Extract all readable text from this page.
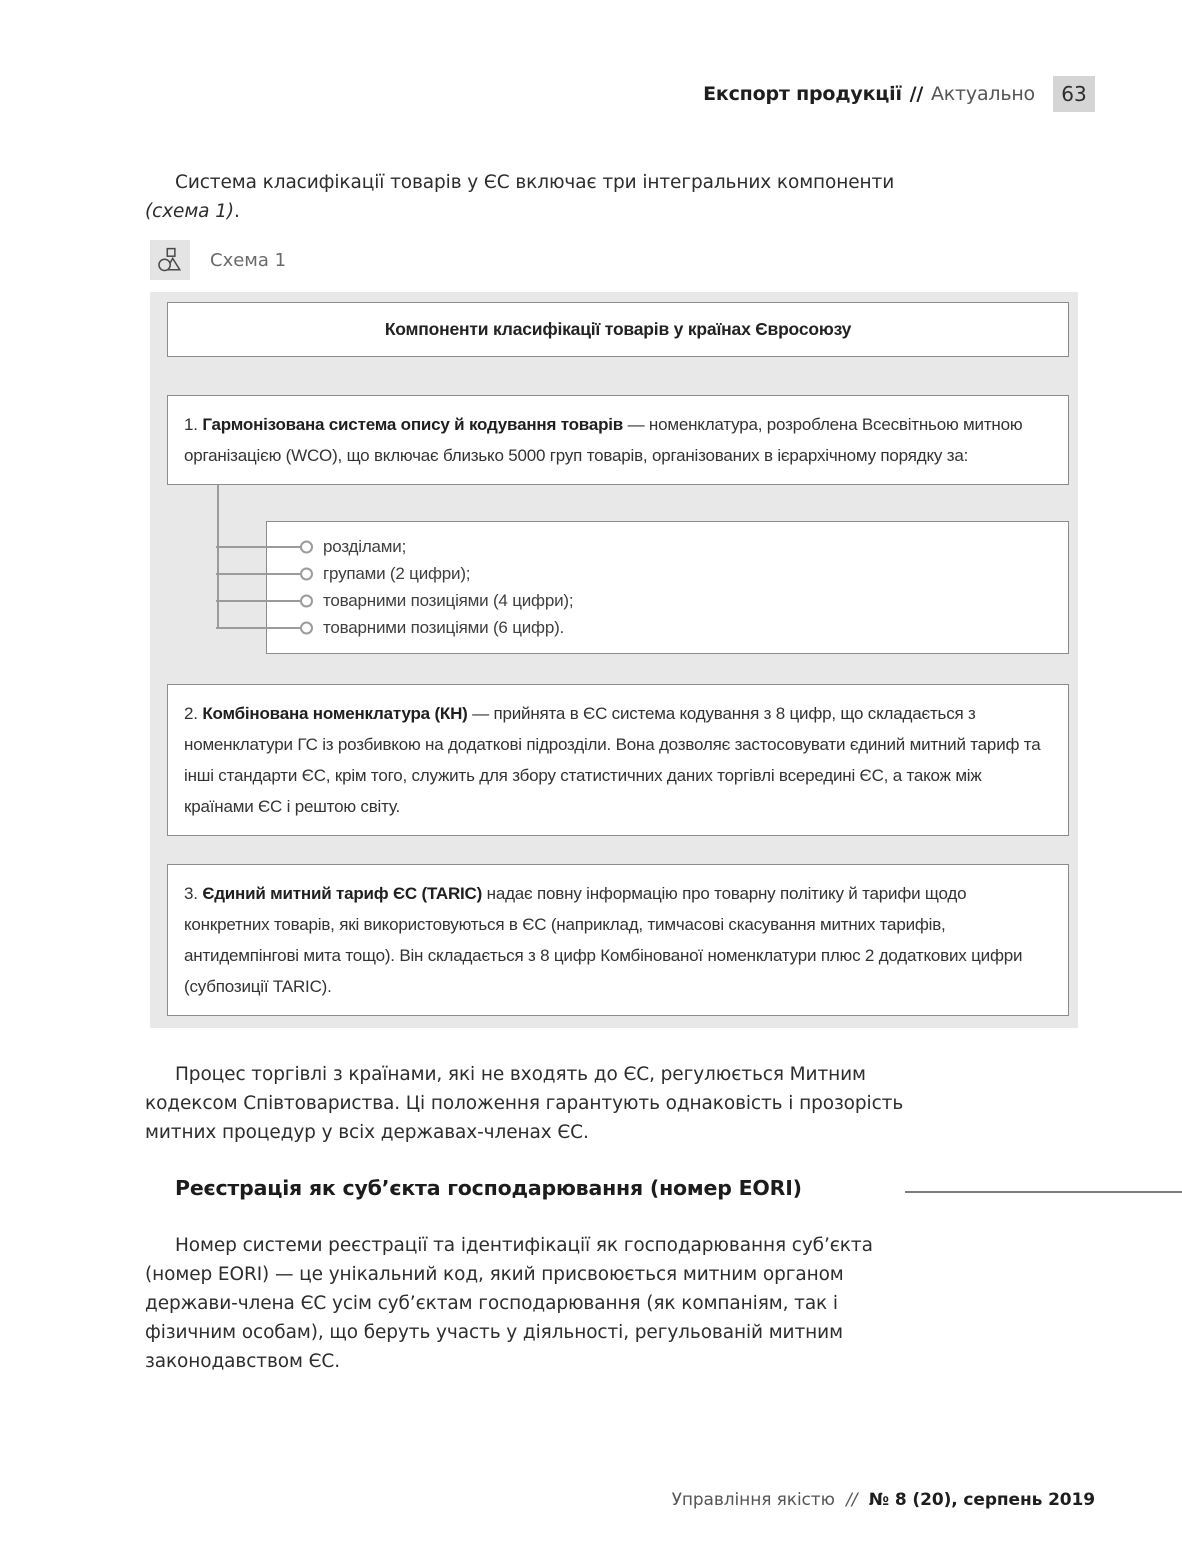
Експорт продукції // Актуально 63

Система класифікації товарів у ЄС включає три інтегральних компоненти (схема 1).

Схема 1
Компоненти класифікації товарів у країнах Євросоюзу
1. Гармонізована система опису й кодування товарів — номенклатура, розроблена Всесвітньою митною організацією (WCO), що включає близько 5000 груп товарів, організованих в ієрархічному порядку за:
розділами;
групами (2 цифри);
товарними позиціями (4 цифри);
товарними позиціями (6 цифр).
2. Комбінована номенклатура (КН) — прийнята в ЄС система кодування з 8 цифр, що складається з номенклатури ГС із розбивкою на додаткові підрозділи. Вона дозволяє застосовувати єдиний митний тариф та інші стандарти ЄС, крім того, служить для збору статистичних даних торгівлі всередині ЄС, а також між країнами ЄС і рештою світу.
3. Єдиний митний тариф ЄС (TARIC) надає повну інформацію про товарну політику й тарифи щодо конкретних товарів, які використовуються в ЄС (наприклад, тимчасові скасування митних тарифів, антидемпінгові мита тощо). Він складається з 8 цифр Комбінованої номенклатури плюс 2 додаткових цифри (субпозиції TARIC).

Процес торгівлі з країнами, які не входять до ЄС, регулюється Митним кодексом Співтовариства. Ці положення гарантують однаковість і прозорість митних процедур у всіх державах-членах ЄС.

Реєстрація як суб’єкта господарювання (номер EORI)

Номер системи реєстрації та ідентифікації як господарювання суб’єкта (номер EORI) — це унікальний код, який присвоюється митним органом держави-члена ЄС усім суб’єктам господарювання (як компаніям, так і фізичним особам), що беруть участь у діяльності, регульованій митним законодавством ЄС.

Управління якістю // № 8 (20), серпень 2019
